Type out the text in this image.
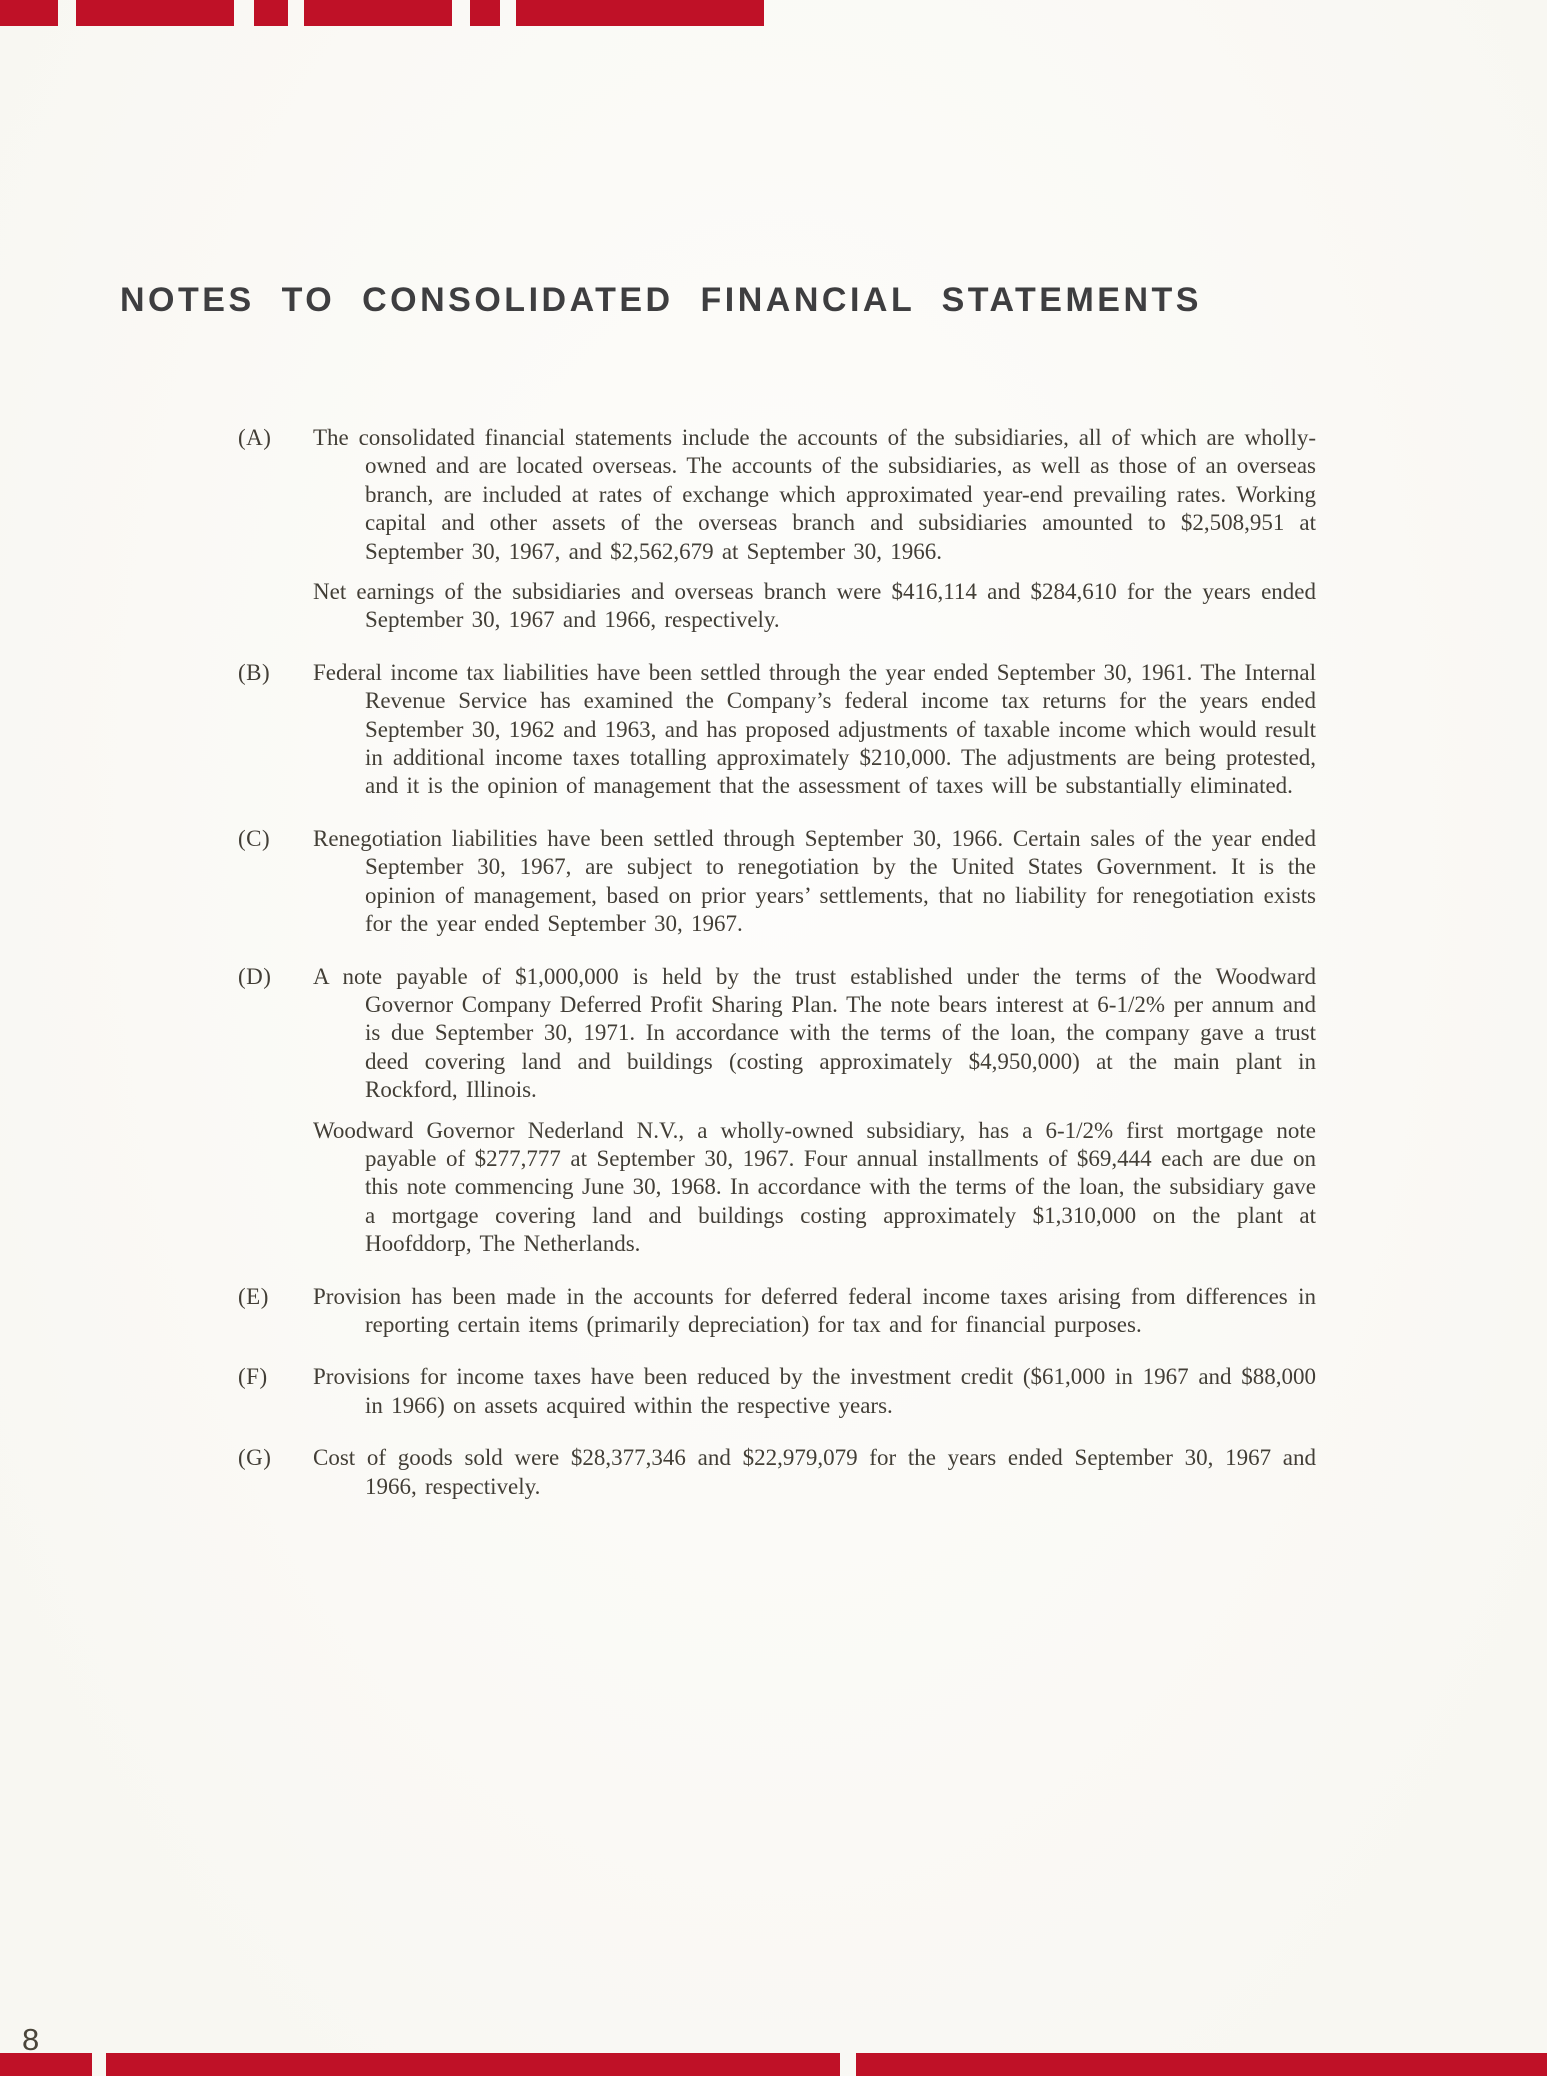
NOTES TO CONSOLIDATED FINANCIAL STATEMENTS
(A)	The consolidated financial statements include the accounts of the subsidiaries, all of which are wholly-owned and are located overseas. The accounts of the subsidiaries, as well as those of an overseas branch, are included at rates of exchange which approximated year-end prevailing rates. Working capital and other assets of the overseas branch and subsidiaries amounted to $2,508,951 at September 30, 1967, and $2,562,679 at September 30, 1966.

Net earnings of the subsidiaries and overseas branch were $416,114 and $284,610 for the years ended September 30, 1967 and 1966, respectively.

(B)	Federal income tax liabilities have been settled through the year ended September 30, 1961. The Internal Revenue Service has examined the Company’s federal income tax returns for the years ended September 30, 1962 and 1963, and has proposed adjustments of taxable income which would result in additional income taxes totalling approximately $210,000. The adjustments are being protested, and it is the opinion of management that the assessment of taxes will be substantially eliminated.

(C)	Renegotiation liabilities have been settled through September 30, 1966. Certain sales of the year ended September 30, 1967, are subject to renegotiation by the United States Government. It is the opinion of management, based on prior years’ settlements, that no liability for renegotiation exists for the year ended September 30, 1967.

(D)	A note payable of $1,000,000 is held by the trust established under the terms of the Woodward Governor Company Deferred Profit Sharing Plan. The note bears interest at 6-1/2% per annum and is due September 30, 1971. In accordance with the terms of the loan, the company gave a trust deed covering land and buildings (costing approximately $4,950,000) at the main plant in Rockford, Illinois.

Woodward Governor Nederland N.V., a wholly-owned subsidiary, has a 6-1/2% first mortgage note payable of $277,777 at September 30, 1967. Four annual installments of $69,444 each are due on this note commencing June 30, 1968. In accordance with the terms of the loan, the subsidiary gave a mortgage covering land and buildings costing approximately $1,310,000 on the plant at Hoofddorp, The Netherlands.

(E)	Provision has been made in the accounts for deferred federal income taxes arising from differences in reporting certain items (primarily depreciation) for tax and for financial purposes.

(F)	Provisions for income taxes have been reduced by the investment credit ($61,000 in 1967 and $88,000 in 1966) on assets acquired within the respective years.

(G)	Cost of goods sold were $28,377,346 and $22,979,079 for the years ended September 30, 1967 and 1966, respectively.

8
